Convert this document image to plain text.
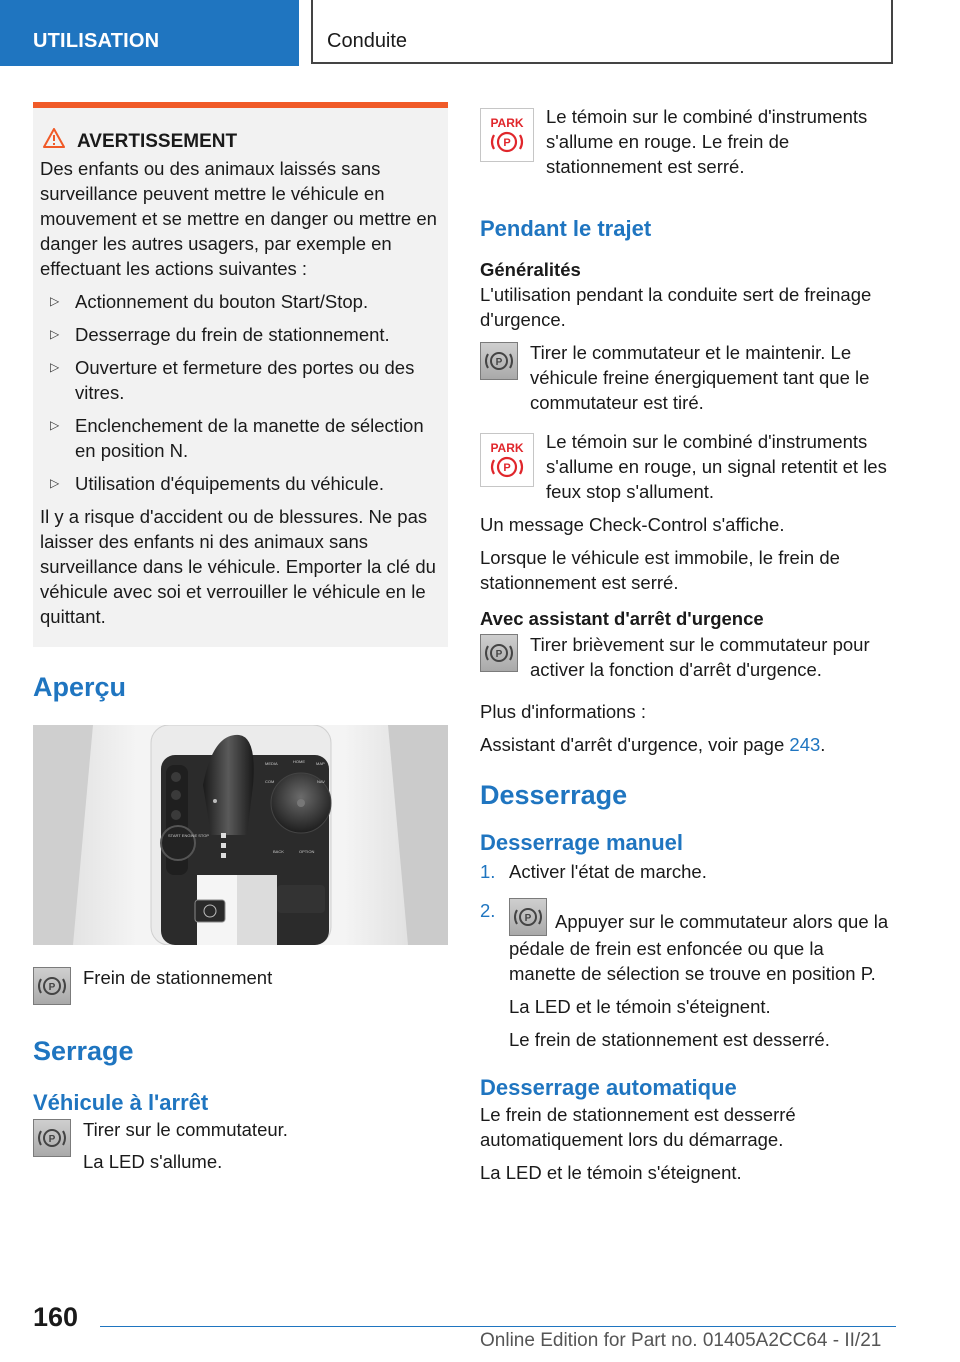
UTILISATION	Conduite
AVERTISSEMENT

Des enfants ou des animaux laissés sans surveillance peuvent mettre le véhicule en mouvement et se mettre en danger ou mettre en danger les autres usagers, par exemple en effectuant les actions suivantes :

▷ Actionnement du bouton Start/Stop.
▷ Desserrage du frein de stationnement.
▷ Ouverture et fermeture des portes ou des vitres.
▷ Enclenchement de la manette de sélection en position N.
▷ Utilisation d'équipements du véhicule.

Il y a risque d'accident ou de blessures. Ne pas laisser des enfants ni des animaux sans surveillance dans le véhicule. Emporter la clé du véhicule avec soi et verrouiller le véhicule en le quittant.

Aperçu
START ENGINE STOP
MEDIA	HOME	MAP
COM	NAV
BACK	OPTION
P Frein de stationnement
Serrage
Véhicule à l'arrêt
P Tirer sur le commutateur.

La LED s'allume.

PARK
P
Le témoin sur le combiné d'instruments s'allume en rouge. Le frein de stationnement est serré.
Pendant le trajet
Généralités

L'utilisation pendant la conduite sert de freinage d'urgence.

P Tirer le commutateur et le maintenir. Le véhicule freine énergiquement tant que le commutateur est tiré.
PARK
P
Le témoin sur le combiné d'instruments s'allume en rouge, un signal retentit et les feux stop s'allument.

Un message Check-Control s'affiche.

Lorsque le véhicule est immobile, le frein de stationnement est serré.

Avec assistant d'arrêt d'urgence
P Tirer brièvement sur le commutateur pour activer la fonction d'arrêt d'urgence.

Plus d'informations :

Assistant d'arrêt d'urgence, voir page 243.

Desserrage
Desserrage manuel
1. Activer l'état de marche.
2.	P Appuyer sur le commutateur alors que la pédale de frein est enfoncée ou que la manette de sélection se trouve en position P.

La LED et le témoin s'éteignent.

Le frein de stationnement est desserré.

Desserrage automatique

Le frein de stationnement est desserré automatiquement lors du démarrage.

La LED et le témoin s'éteignent.

160
Online Edition for Part no. 01405A2CC64 - II/21
